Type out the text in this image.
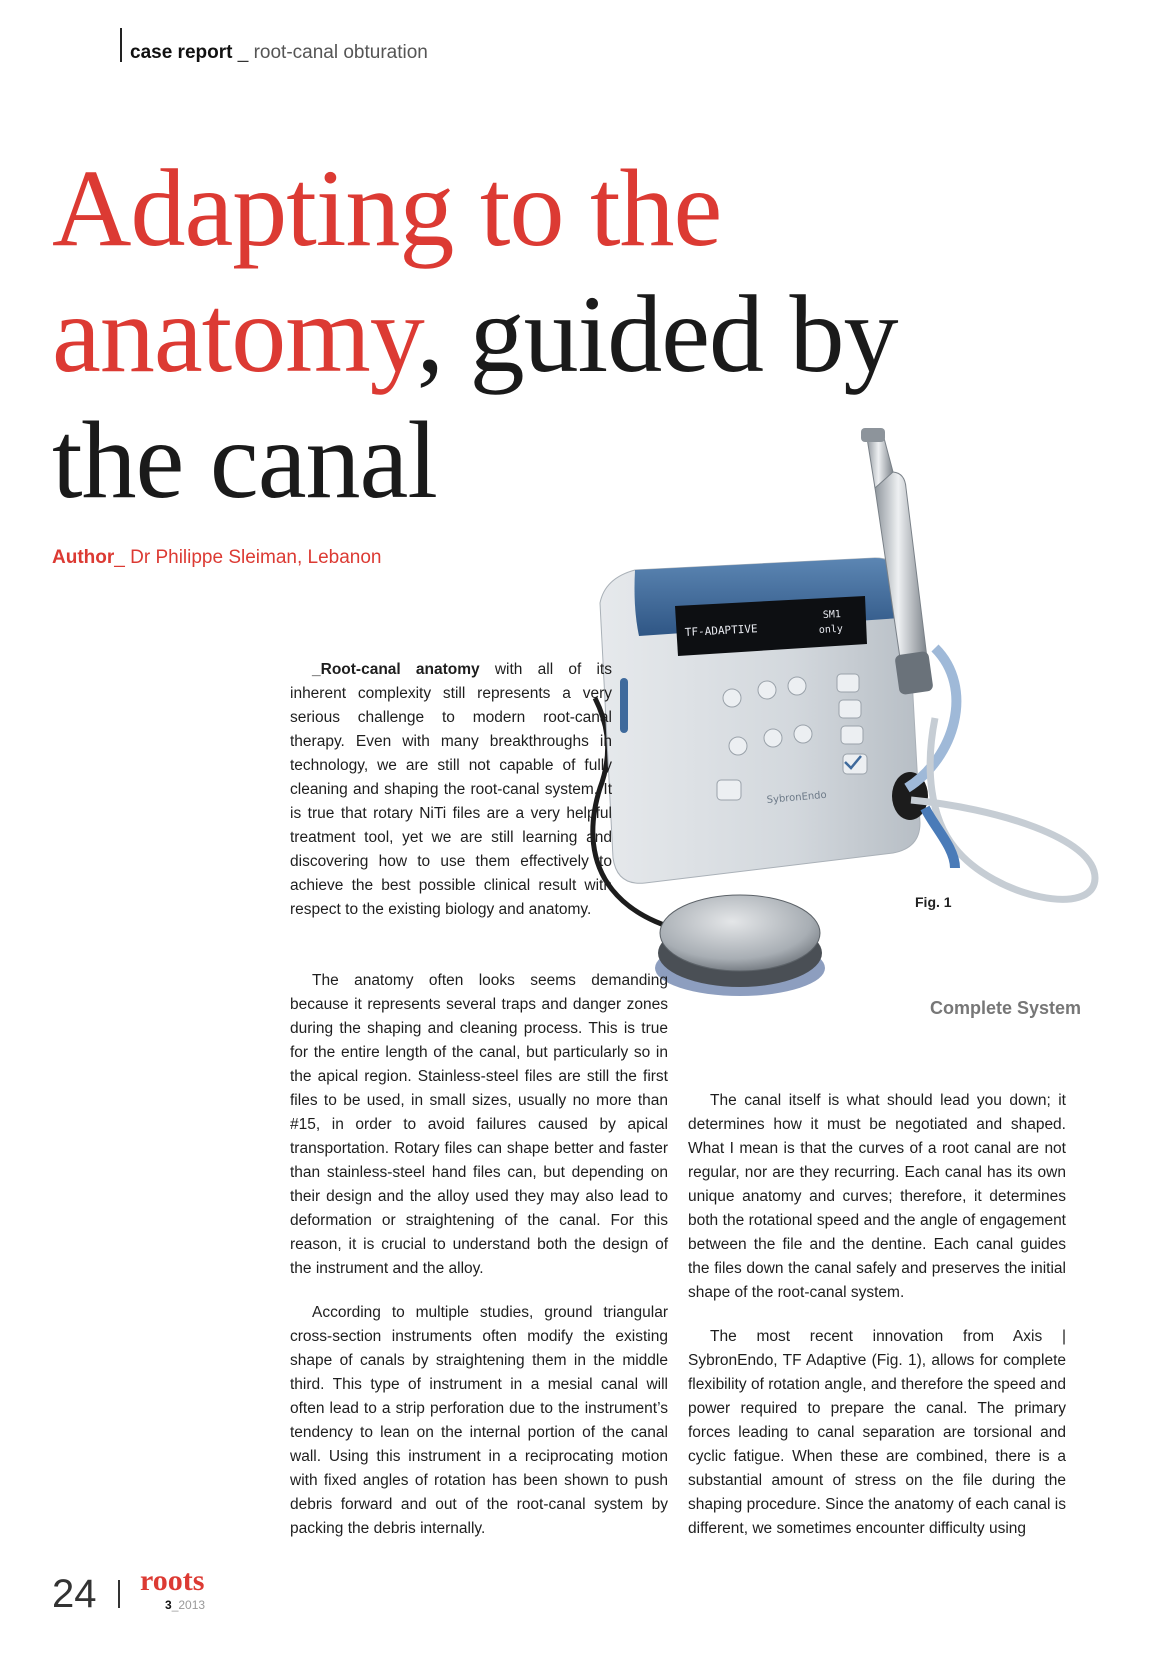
case report _ root-canal obturation
Adapting to the
anatomy, guided by
the canal
Author_ Dr Philippe Sleiman, Lebanon
TF-ADAPTIVE
SM1
only
SybronEndo
Fig. 1
Complete System

_Root-canal anatomy with all of its inherent complexity still represents a very serious challenge to modern root-canal therapy. Even with many breakthroughs in technology, we are still not capable of fully cleaning and shaping the root-canal system. It is true that rotary NiTi files are a very helpful treatment tool, yet we are still learning and discovering how to use them effectively to achieve the best possible clinical result with respect to the existing biology and anatomy.

The anatomy often looks seems demanding because it represents several traps and danger zones during the shaping and cleaning process. This is true for the entire length of the canal, but particularly so in the apical region. Stainless-steel files are still the first files to be used, in small sizes, usually no more than #15, in order to avoid failures caused by apical transportation. Rotary files can shape better and faster than stainless-steel hand files can, but depending on their design and the alloy used they may also lead to deformation or straightening of the canal. For this reason, it is crucial to understand both the design of the instrument and the alloy.

According to multiple studies, ground triangular cross-section instruments often modify the existing shape of canals by straightening them in the middle third. This type of instrument in a mesial canal will often lead to a strip perforation due to the instrument’s tendency to lean on the internal portion of the canal wall. Using this instrument in a reciprocating motion with fixed angles of rotation has been shown to push debris forward and out of the root-canal system by packing the debris internally.

The canal itself is what should lead you down; it determines how it must be negotiated and shaped. What I mean is that the curves of a root canal are not regular, nor are they recurring. Each canal has its own unique anatomy and curves; therefore, it determines both the rotational speed and the angle of engagement between the file and the dentine. Each canal guides the files down the canal safely and preserves the initial shape of the root-canal system.

The most recent innovation from Axis | SybronEndo, TF Adaptive (Fig. 1), allows for complete flexibility of rotation angle, and therefore the speed and power required to prepare the canal. The primary forces leading to canal separation are torsional and cyclic fatigue. When these are combined, there is a substantial amount of stress on the file during the shaping procedure. Since the anatomy of each canal is different, we sometimes encounter difficulty using

24 roots
3_2013
